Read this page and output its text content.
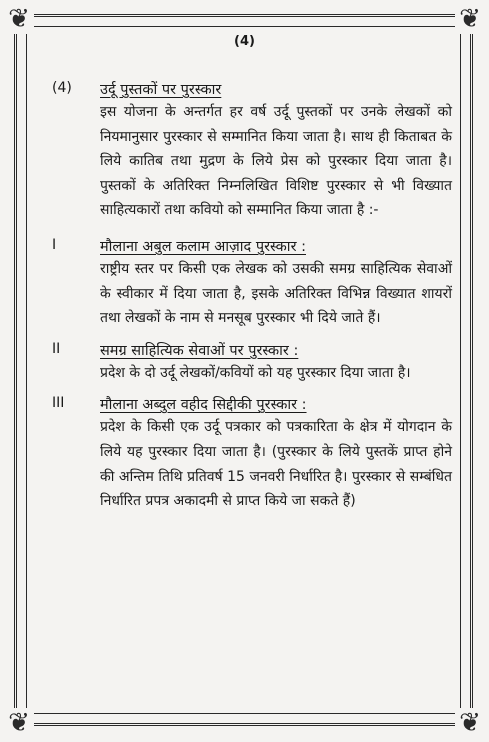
❦	❦
❦	❦
(4)
(4) उर्दू पुस्तकों पर पुरस्कार
इस योजना के अन्तर्गत हर वर्ष उर्दू पुस्तकों पर उनके लेखकों को नियमानुसार पुरस्कार से सम्मानित किया जाता है। साथ ही किताबत के लिये कातिब तथा मुद्रण के लिये प्रेस को पुरस्कार दिया जाता है। पुस्तकों के अतिरिक्त निम्नलिखित विशिष्ट पुरस्कार से भी विख्यात साहित्यकारों तथा कवियो को सम्मानित किया जाता है :-
I	मौलाना अबुल कलाम आज़ाद पुरस्कार :
राष्ट्रीय स्तर पर किसी एक लेखक को उसकी समग्र साहित्यिक सेवाओं के स्वीकार में दिया जाता है, इसके अतिरिक्त विभिन्न विख्यात शायरों तथा लेखकों के नाम से मनसूब पुरस्कार भी दिये जाते हैं।
II	समग्र साहित्यिक सेवाओं पर पुरस्कार :
प्रदेश के दो उर्दू लेखकों/कवियों को यह पुरस्कार दिया जाता है।
III मौलाना अब्दुल वहीद सिद्दीकी पुरस्कार :
प्रदेश के किसी एक उर्दू पत्रकार को पत्रकारिता के क्षेत्र में योगदान के लिये यह पुरस्कार दिया जाता है। (पुरस्कार के लिये पुस्तकें प्राप्त होने की अन्तिम तिथि प्रतिवर्ष 15 जनवरी निर्धारित है। पुरस्कार से सम्बंधित निर्धारित प्रपत्र अकादमी से प्राप्त किये जा सकते हैं)
